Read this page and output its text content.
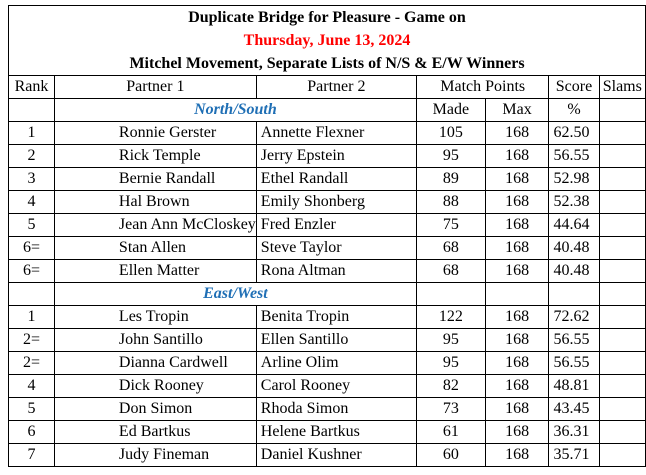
Duplicate Bridge for Pleasure - Game on						
Thursday, June 13, 2024						
Mitchel Movement, Separate Lists of N/S & E/W Winners						
Rank	Partner 1	Partner 2	Match Points		Score	Slams
	North/South		Made	Max	%	
1	Ronnie Gerster	Annette Flexner	105	168	62.50	
2	Rick Temple	Jerry Epstein	95	168	56.55	
3	Bernie Randall	Ethel Randall	89	168	52.98	
4	Hal Brown	Emily Shonberg	88	168	52.38	
5	Jean Ann McCloskey	Fred Enzler	75	168	44.64	
6=	Stan Allen	Steve Taylor	68	168	40.48	
6=	Ellen Matter	Rona Altman	68	168	40.48	
	East/West					
1	Les Tropin	Benita Tropin	122	168	72.62	
2=	John Santillo	Ellen Santillo	95	168	56.55	
2=	Dianna Cardwell	Arline Olim	95	168	56.55	
4	Dick Rooney	Carol Rooney	82	168	48.81	
5	Don Simon	Rhoda Simon	73	168	43.45	
6	Ed Bartkus	Helene Bartkus	61	168	36.31	
7	Judy Fineman	Daniel Kushner	60	168	35.71	
